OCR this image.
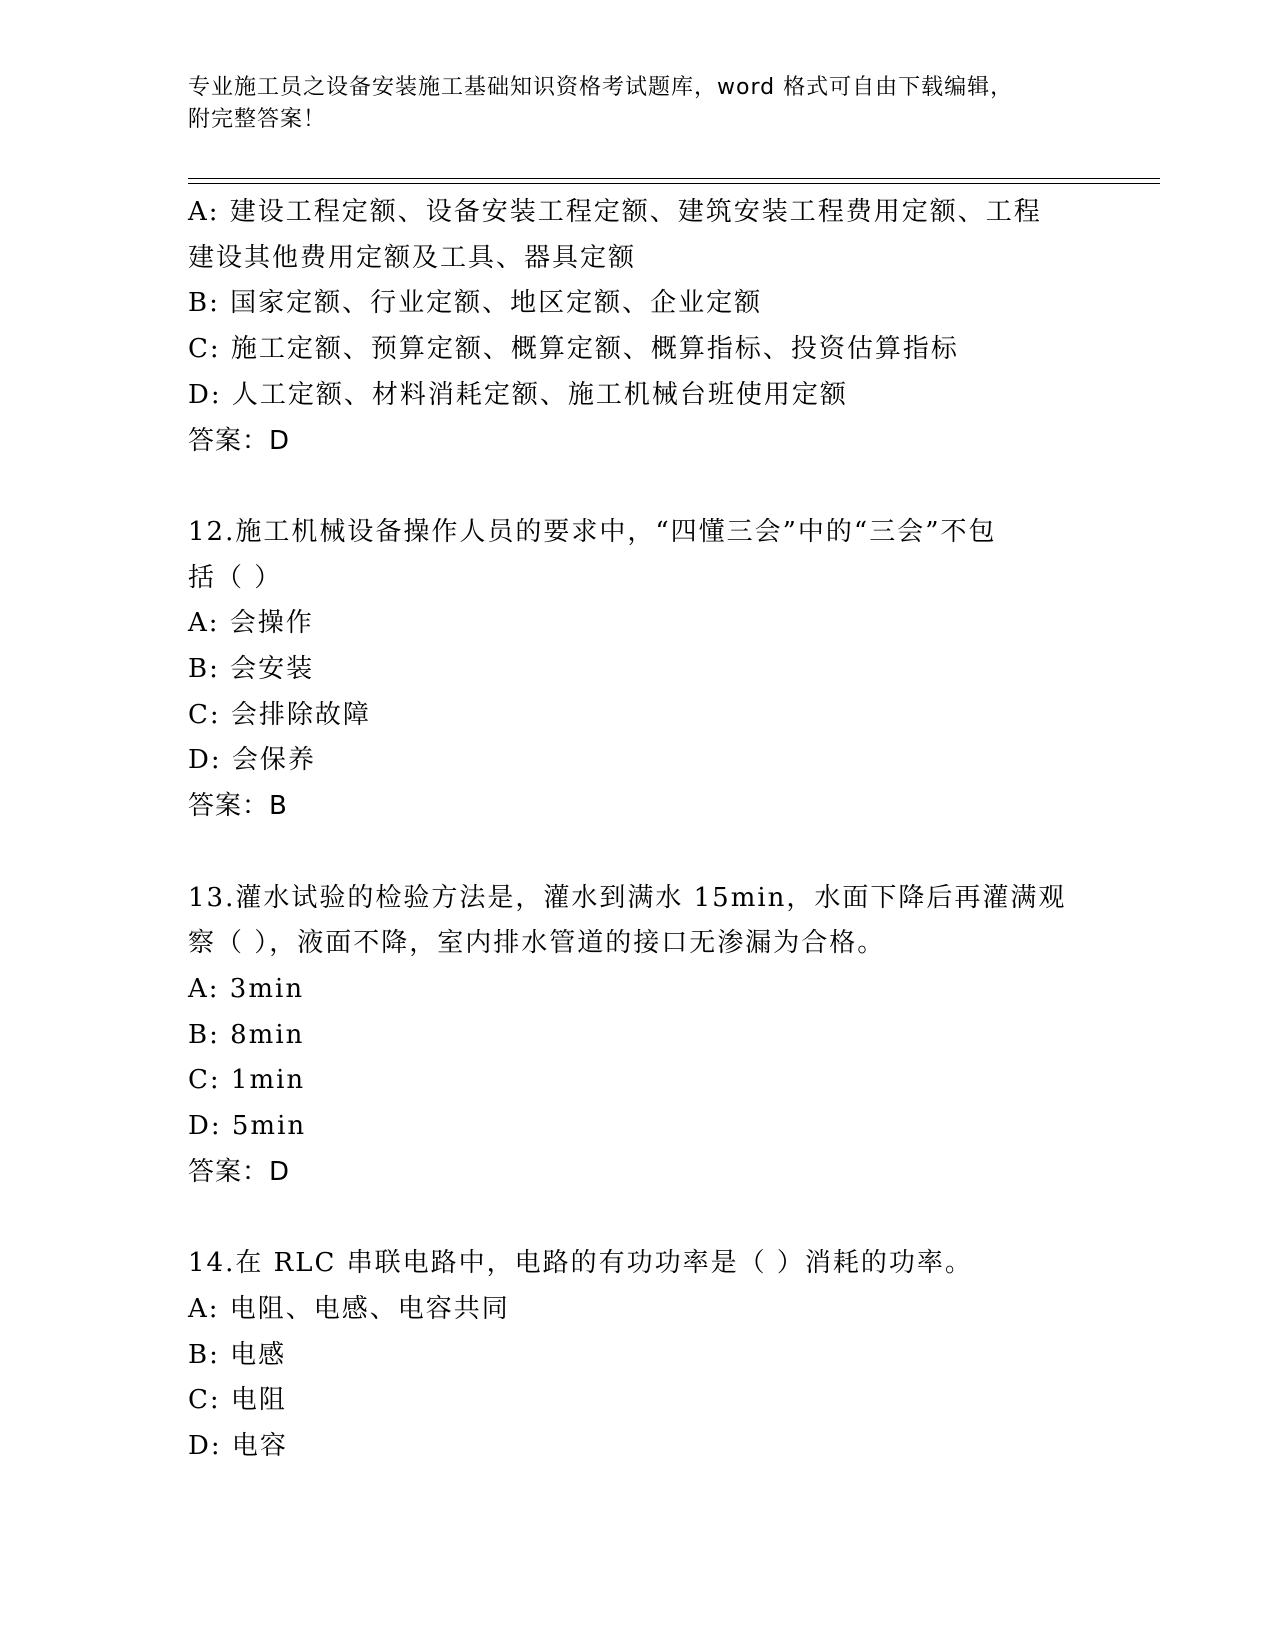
专业施工员之设备安装施工基础知识资格考试题库，word 格式可自由下载编辑，
附完整答案！
A: 建设工程定额、设备安装工程定额、建筑安装工程费用定额、工程
建设其他费用定额及工具、器具定额
B: 国家定额、行业定额、地区定额、企业定额
C: 施工定额、预算定额、概算定额、概算指标、投资估算指标
D: 人工定额、材料消耗定额、施工机械台班使用定额
答案：D
12.施工机械设备操作人员的要求中，“四懂三会”中的“三会”不包
括（ ）
A: 会操作
B: 会安装
C: 会排除故障
D: 会保养
答案：B
13.灌水试验的检验方法是，灌水到满水 15min，水面下降后再灌满观
察（ ），液面不降，室内排水管道的接口无渗漏为合格。
A: 3min
B: 8min
C: 1min
D: 5min
答案：D
14.在 RLC 串联电路中，电路的有功功率是（ ）消耗的功率。
A: 电阻、电感、电容共同
B: 电感
C: 电阻
D: 电容
